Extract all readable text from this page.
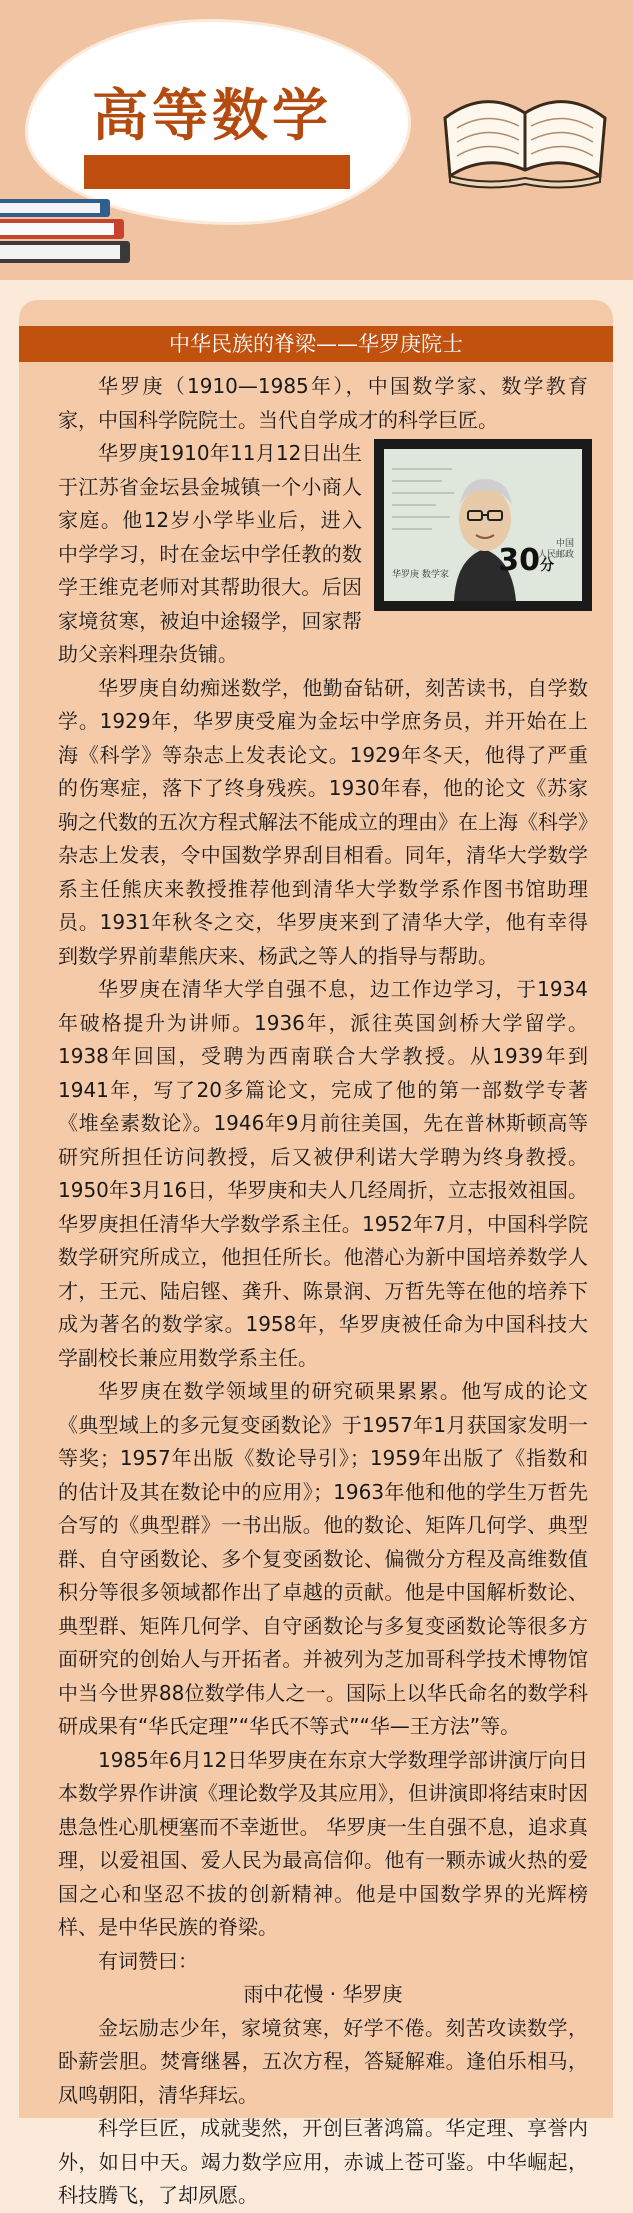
高等数学
中华民族的脊梁——华罗庚院士

华罗庚（1910—1985年），中国数学家、数学教育家，中国科学院院士。当代自学成才的科学巨匠。

华罗庚 数学家
中国
人民邮政
30分

华罗庚1910年11月12日出生于江苏省金坛县金城镇一个小商人家庭。他12岁小学毕业后，进入中学学习，时在金坛中学任教的数学王维克老师对其帮助很大。后因家境贫寒，被迫中途辍学，回家帮助父亲料理杂货铺。

华罗庚自幼痴迷数学，他勤奋钻研，刻苦读书，自学数学。1929年，华罗庚受雇为金坛中学庶务员，并开始在上海《科学》等杂志上发表论文。1929年冬天，他得了严重的伤寒症，落下了终身残疾。1930年春，他的论文《苏家驹之代数的五次方程式解法不能成立的理由》在上海《科学》杂志上发表，令中国数学界刮目相看。同年，清华大学数学系主任熊庆来教授推荐他到清华大学数学系作图书馆助理员。1931年秋冬之交，华罗庚来到了清华大学，他有幸得到数学界前辈熊庆来、杨武之等人的指导与帮助。

华罗庚在清华大学自强不息，边工作边学习，于1934年破格提升为讲师。1936年，派往英国剑桥大学留学。1938年回国，受聘为西南联合大学教授。从1939年到1941年，写了20多篇论文，完成了他的第一部数学专著《堆垒素数论》。1946年9月前往美国，先在普林斯顿高等研究所担任访问教授，后又被伊利诺大学聘为终身教授。1950年3月16日，华罗庚和夫人几经周折，立志报效祖国。华罗庚担任清华大学数学系主任。1952年7月，中国科学院数学研究所成立，他担任所长。他潜心为新中国培养数学人才，王元、陆启铿、龚升、陈景润、万哲先等在他的培养下成为著名的数学家。1958年，华罗庚被任命为中国科技大学副校长兼应用数学系主任。

华罗庚在数学领域里的研究硕果累累。他写成的论文《典型域上的多元复变函数论》于1957年1月获国家发明一等奖；1957年出版《数论导引》；1959年出版了《指数和的估计及其在数论中的应用》；1963年他和他的学生万哲先合写的《典型群》一书出版。他的数论、矩阵几何学、典型群、自守函数论、多个复变函数论、偏微分方程及高维数值积分等很多领域都作出了卓越的贡献。他是中国解析数论、典型群、矩阵几何学、自守函数论与多复变函数论等很多方面研究的创始人与开拓者。并被列为芝加哥科学技术博物馆中当今世界88位数学伟人之一。国际上以华氏命名的数学科研成果有“华氏定理”“华氏不等式”“华—王方法”等。

1985年6月12日华罗庚在东京大学数理学部讲演厅向日本数学界作讲演《理论数学及其应用》，但讲演即将结束时因患急性心肌梗塞而不幸逝世。 华罗庚一生自强不息，追求真理，以爱祖国、爱人民为最高信仰。他有一颗赤诚火热的爱国之心和坚忍不拔的创新精神。他是中国数学界的光辉榜样、是中华民族的脊梁。

有词赞曰：

雨中花慢 · 华罗庚

金坛励志少年，家境贫寒，好学不倦。刻苦攻读数学，卧薪尝胆。焚膏继晷，五次方程，答疑解难。逢伯乐相马，凤鸣朝阳，清华拜坛。

科学巨匠，成就斐然，开创巨著鸿篇。华定理、享誉内外，如日中天。竭力数学应用，赤诚上苍可鉴。中华崛起，科技腾飞，了却夙愿。
